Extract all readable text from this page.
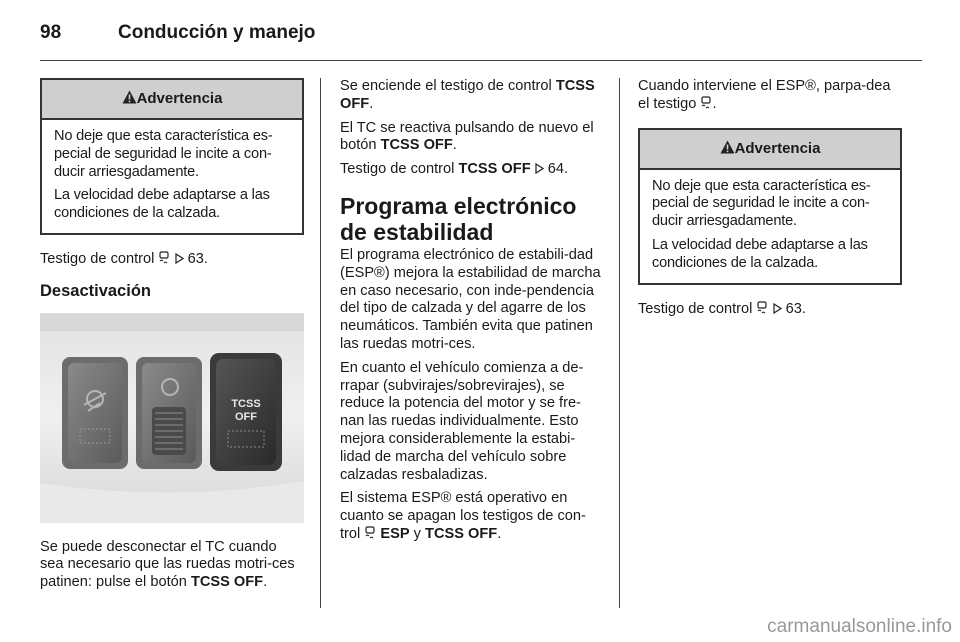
98	Conducción y manejo
Advertencia

No deje que esta característica es-pecial de seguridad le incite a con-ducir arriesgadamente.

La velocidad debe adaptarse a las condiciones de la calzada.

Testigo de control 63.

Desactivación
TCSS
OFF

Se puede desconectar el TC cuando sea necesario que las ruedas motri-ces patinen: pulse el botón TCSS OFF.

Se enciende el testigo de control TCSS OFF.

El TC se reactiva pulsando de nuevo el botón TCSS OFF.

Testigo de control TCSS OFF 64.

Programa electrónico de estabilidad

El programa electrónico de estabili-dad (ESP®) mejora la estabilidad de marcha en caso necesario, con inde-pendencia del tipo de calzada y del agarre de los neumáticos. También evita que patinen las ruedas motri-ces.

En cuanto el vehículo comienza a de-rrapar (subvirajes/sobrevirajes), se reduce la potencia del motor y se fre-nan las ruedas individualmente. Esto mejora considerablemente la estabi-lidad de marcha del vehículo sobre calzadas resbaladizas.

El sistema ESP® está operativo en cuanto se apagan los testigos de con-trol ESP y TCSS OFF.

Cuando interviene el ESP®, parpa-dea el testigo .

Advertencia

No deje que esta característica es-pecial de seguridad le incite a con-ducir arriesgadamente.

La velocidad debe adaptarse a las condiciones de la calzada.

Testigo de control 63.

carmanualsonline.info
